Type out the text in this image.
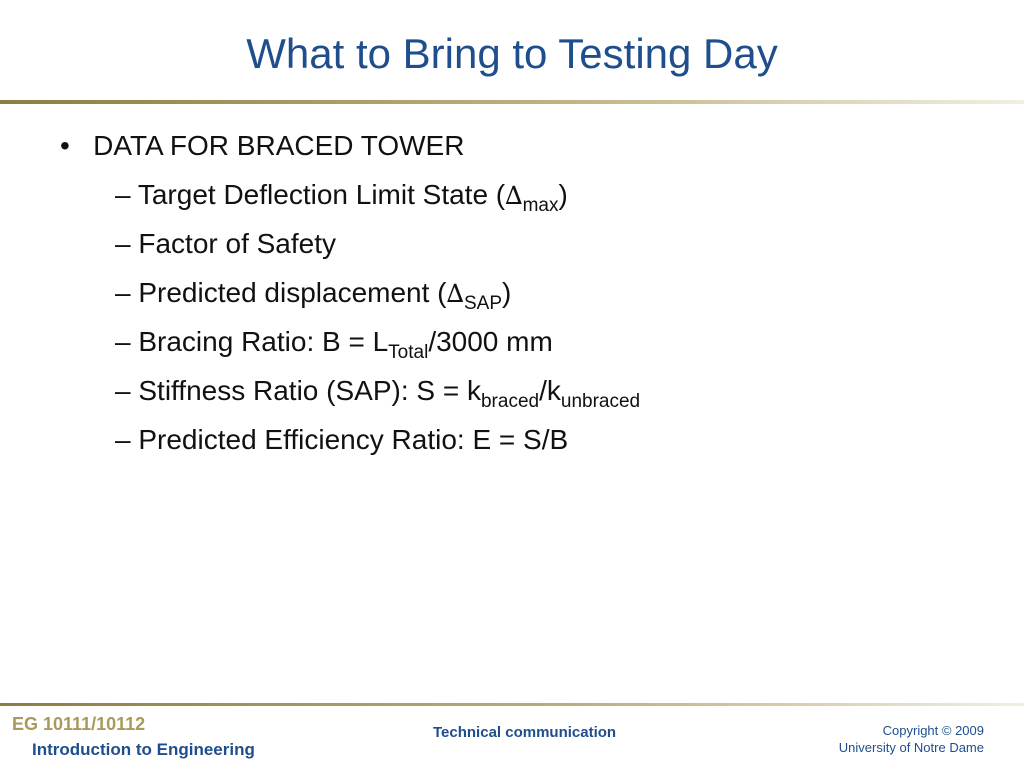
What to Bring to Testing Day
• DATA FOR BRACED TOWER
– Target Deflection Limit State $(\Delta_{max})$
– Factor of Safety
– Predicted displacement $(\Delta_{SAP})$
– Bracing Ratio: $B = L_{Total}/3000$ mm
– Stiffness Ratio (SAP): $S = k_{braced}/k_{unbraced}$
– Predicted Efficiency Ratio: E = S/B
EG 10111/10112
Introduction to Engineering
Technical communication	Copyright © 2009
University of Notre Dame
